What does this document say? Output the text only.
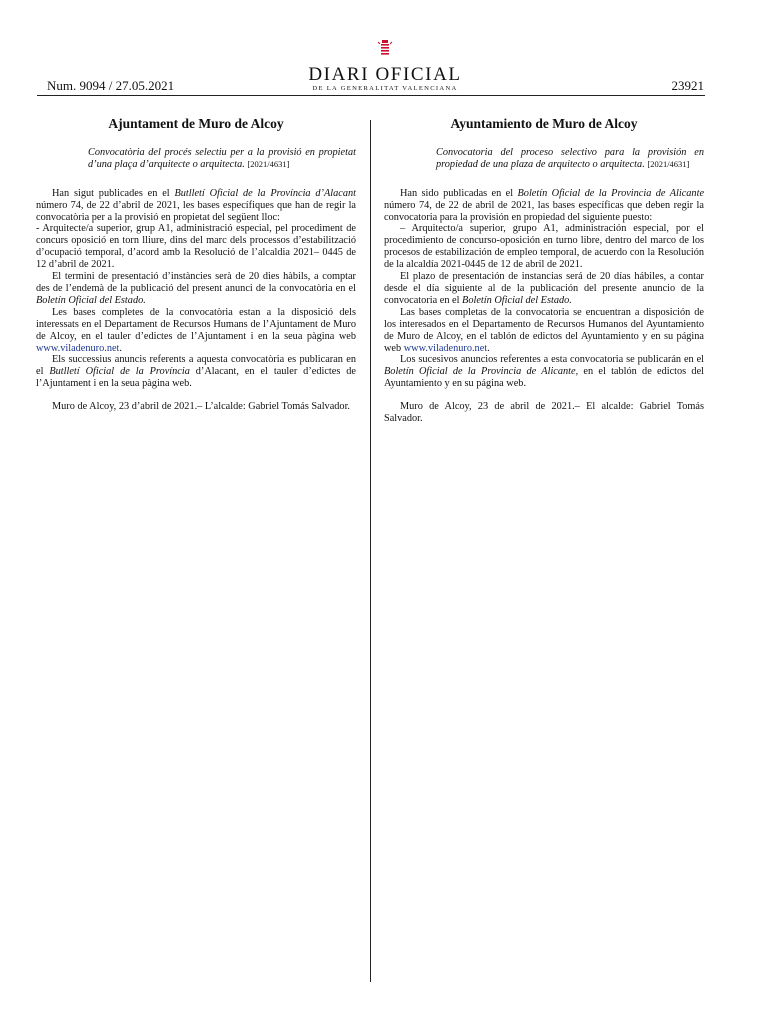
Num. 9094 / 27.05.2021
DIARI OFICIAL
DE LA GENERALITAT VALENCIANA	23921
Ajuntament de Muro de Alcoy
Convocatòria del procés selectiu per a la provisió en propietat d’una plaça d’arquitecte o arquitecta. [2021/4631]

Han sigut publicades en el Butlletí Oficial de la Província d’Alacant número 74, de 22 d’abril de 2021, les bases específiques que han de regir la convocatòria per a la provisió en propietat del següent lloc:

- Arquitecte/a superior, grup A1, administració especial, pel procediment de concurs oposició en torn lliure, dins del marc dels processos d’estabilització d’ocupació temporal, d’acord amb la Resolució de l’alcaldia 2021– 0445 de 12 d’abril de 2021.

El termini de presentació d’instàncies serà de 20 dies hàbils, a comptar des de l’endemà de la publicació del present anunci de la convocatòria en el Boletín Oficial del Estado.

Les bases completes de la convocatòria estan a la disposició dels interessats en el Departament de Recursos Humans de l’Ajuntament de Muro de Alcoy, en el tauler d’edictes de l’Ajuntament i en la seua pàgina web www.viladenuro.net.

Els successius anuncis referents a aquesta convocatòria es publicaran en el Butlletí Oficial de la Província d’Alacant, en el tauler d’edictes de l’Ajuntament i en la seua pàgina web.

Muro de Alcoy, 23 d’abril de 2021.– L’alcalde: Gabriel Tomás Salvador.

Ayuntamiento de Muro de Alcoy
Convocatoria del proceso selectivo para la provisión en propiedad de una plaza de arquitecto o arquitecta. [2021/4631]

Han sido publicadas en el Boletín Oficial de la Provincia de Alicante número 74, de 22 de abril de 2021, las bases específicas que deben regir la convocatoria para la provisión en propiedad del siguiente puesto:

– Arquitecto/a superior, grupo A1, administración especial, por el procedimiento de concurso-oposición en turno libre, dentro del marco de los procesos de estabilización de empleo temporal, de acuerdo con la Resolución de la alcaldía 2021-0445 de 12 de abril de 2021.

El plazo de presentación de instancias será de 20 días hábiles, a contar desde el día siguiente al de la publicación del presente anuncio de la convocatoria en el Boletín Oficial del Estado.

Las bases completas de la convocatoria se encuentran a disposición de los interesados en el Departamento de Recursos Humanos del Ayuntamiento de Muro de Alcoy, en el tablón de edictos del Ayuntamiento y en su página web www.viladenuro.net.

Los sucesivos anuncios referentes a esta convocatoria se publicarán en el Boletín Oficial de la Provincia de Alicante, en el tablón de edictos del Ayuntamiento y en su página web.

Muro de Alcoy, 23 de abril de 2021.– El alcalde: Gabriel Tomás Salvador.
